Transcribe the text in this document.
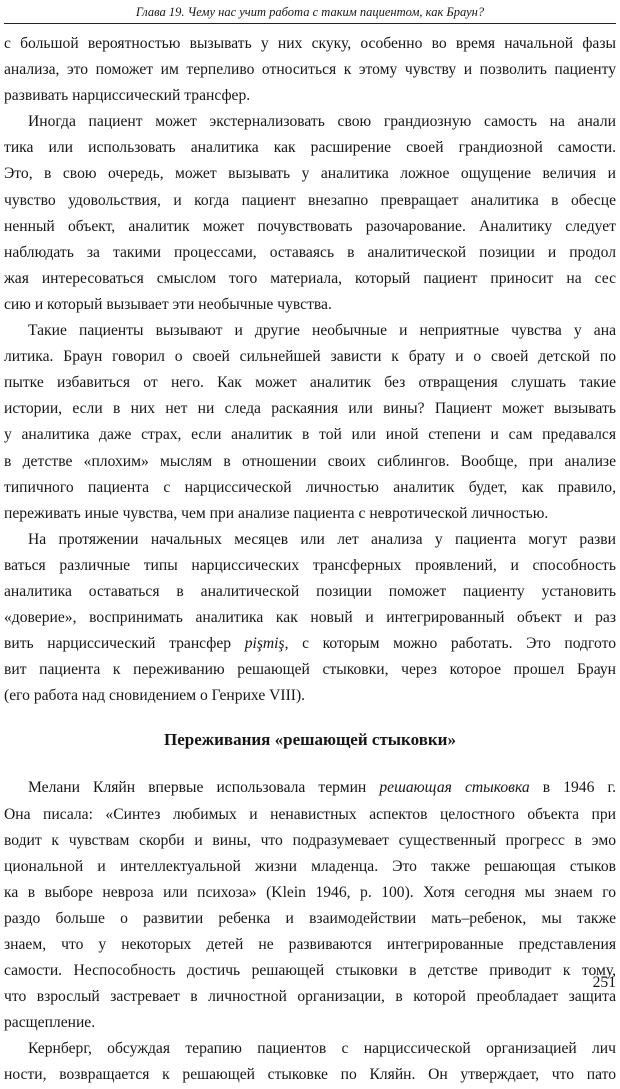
Глава 19. Чему нас учит работа с таким пациентом, как Браун?
с большой вероятностью вызывать у них скуку, особенно во время начальной фазы
анализа, это поможет им терпеливо относиться к этому чувству и позволить пациенту
развивать нарциссический трансфер.
Иногда пациент может экстернализовать свою грандиозную самость на анали
тика или использовать аналитика как расширение своей грандиозной самости.
Это, в свою очередь, может вызывать у аналитика ложное ощущение величия и
чувство удовольствия, и когда пациент внезапно превращает аналитика в обесце
ненный объект, аналитик может почувствовать разочарование. Аналитику следует
наблюдать за такими процессами, оставаясь в аналитической позиции и продол
жая интересоваться смыслом того материала, который пациент приносит на сес
сию и который вызывает эти необычные чувства.
Такие пациенты вызывают и другие необычные и неприятные чувства у ана
литика. Браун говорил о своей сильнейшей зависти к брату и о своей детской по
пытке избавиться от него. Как может аналитик без отвращения слушать такие
истории, если в них нет ни следа раскаяния или вины? Пациент может вызывать
у аналитика даже страх, если аналитик в той или иной степени и сам предавался
в детстве «плохим» мыслям в отношении своих сиблингов. Вообще, при анализе
типичного пациента с нарциссической личностью аналитик будет, как правило,
переживать иные чувства, чем при анализе пациента с невротической личностью.
На протяжении начальных месяцев или лет анализа у пациента могут разви
ваться различные типы нарциссических трансферных проявлений, и способность
аналитика оставаться в аналитической позиции поможет пациенту установить
«доверие», воспринимать аналитика как новый и интегрированный объект и раз
вить нарциссический трансфер pişmiş, с которым можно работать. Это подгото
вит пациента к переживанию решающей стыковки, через которое прошел Браун
(его работа над сновидением о Генрихе VIII).
Переживания «решающей стыковки»
Мелани Кляйн впервые использовала термин решающая стыковка в 1946 г.
Она писала: «Синтез любимых и ненавистных аспектов целостного объекта при
водит к чувствам скорби и вины, что подразумевает существенный прогресс в эмо
циональной и интеллектуальной жизни младенца. Это также решающая стыков
ка в выборе невроза или психоза» (Klein 1946, p. 100). Хотя сегодня мы знаем го
раздо больше о развитии ребенка и взаимодействии мать–ребенок, мы также
знаем, что у некоторых детей не развиваются интегрированные представления
самости. Неспособность достичь решающей стыковки в детстве приводит к тому,
что взрослый застревает в личностной организации, в которой преобладает защита
расщепление.
Кернберг, обсуждая терапию пациентов с нарциссической организацией лич
ности, возвращается к решающей стыковке по Кляйн. Он утверждает, что пато
251
